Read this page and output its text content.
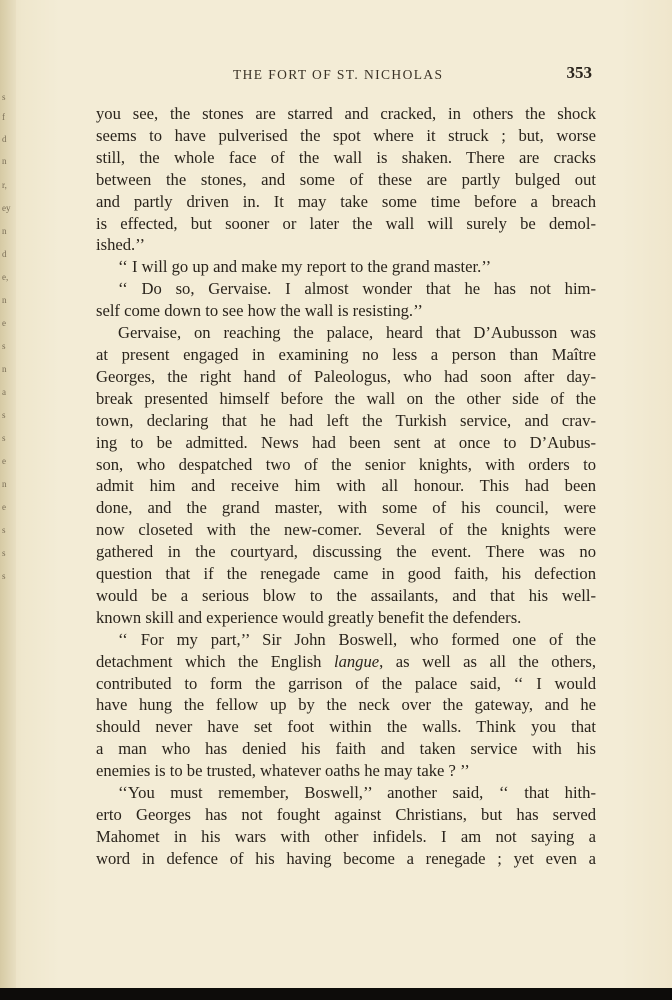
s
f
d
n
r,
ey
n
d
e,
n
e
s
n
a
s
s
e
n
e
s
s
s
THE FORT OF ST. NICHOLAS	353
you see, the stones are starred and cracked, in others the shock
seems to have pulverised the spot where it struck ; but, worse
still, the whole face of the wall is shaken. There are cracks
between the stones, and some of these are partly bulged out
and partly driven in. It may take some time before a breach
is effected, but sooner or later the wall will surely be demol-
ished.’’
‘‘ I will go up and make my report to the grand master.’’
‘‘ Do so, Gervaise. I almost wonder that he has not him-
self come down to see how the wall is resisting.’’
Gervaise, on reaching the palace, heard that D’Aubusson was
at present engaged in examining no less a person than Maître
Georges, the right hand of Paleologus, who had soon after day-
break presented himself before the wall on the other side of the
town, declaring that he had left the Turkish service, and crav-
ing to be admitted. News had been sent at once to D’Aubus-
son, who despatched two of the senior knights, with orders to
admit him and receive him with all honour. This had been
done, and the grand master, with some of his council, were
now closeted with the new-comer. Several of the knights were
gathered in the courtyard, discussing the event. There was no
question that if the renegade came in good faith, his defection
would be a serious blow to the assailants, and that his well-
known skill and experience would greatly benefit the defenders.
‘‘ For my part,’’ Sir John Boswell, who formed one of the
detachment which the English langue, as well as all the others,
contributed to form the garrison of the palace said, ‘‘ I would
have hung the fellow up by the neck over the gateway, and he
should never have set foot within the walls. Think you that
a man who has denied his faith and taken service with his
enemies is to be trusted, whatever oaths he may take ? ’’
‘‘You must remember, Boswell,’’ another said, ‘‘ that hith-
erto Georges has not fought against Christians, but has served
Mahomet in his wars with other infidels. I am not saying a
word in defence of his having become a renegade ; yet even a
